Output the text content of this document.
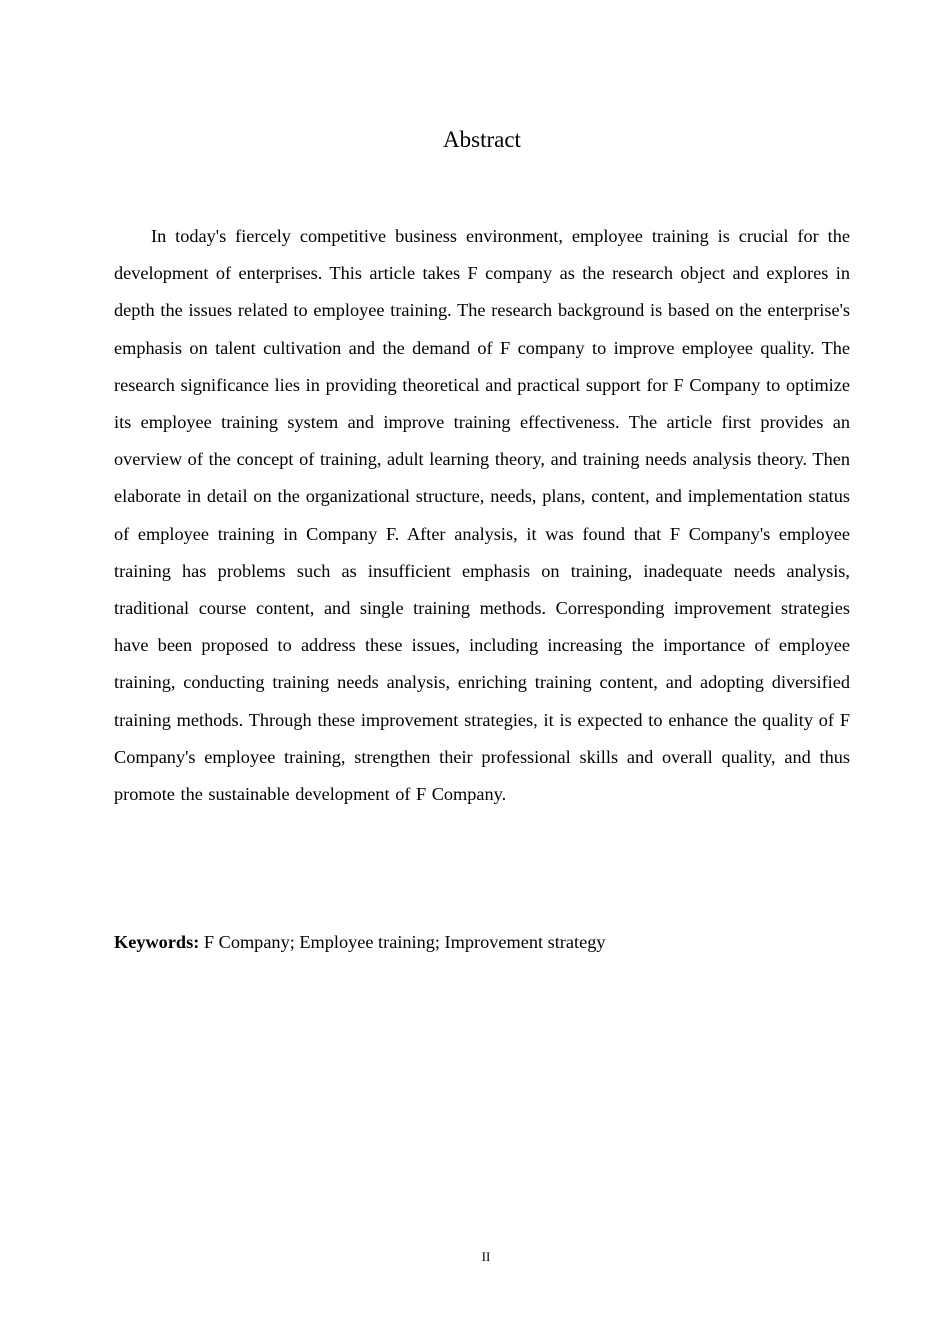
Abstract

In today's fiercely competitive business environment, employee training is crucial for the development of enterprises. This article takes F company as the research object and explores in depth the issues related to employee training. The research background is based on the enterprise's emphasis on talent cultivation and the demand of F company to improve employee quality. The research significance lies in providing theoretical and practical support for F Company to optimize its employee training system and improve training effectiveness. The article first provides an overview of the concept of training, adult learning theory, and training needs analysis theory. Then elaborate in detail on the organizational structure, needs, plans, content, and implementation status of employee training in Company F. After analysis, it was found that F Company's employee training has problems such as insufficient emphasis on training, inadequate needs analysis, traditional course content, and single training methods. Corresponding improvement strategies have been proposed to address these issues, including increasing the importance of employee training, conducting training needs analysis, enriching training content, and adopting diversified training methods. Through these improvement strategies, it is expected to enhance the quality of F Company's employee training, strengthen their professional skills and overall quality, and thus promote the sustainable development of F Company.

Keywords: F Company; Employee training; Improvement strategy

II
